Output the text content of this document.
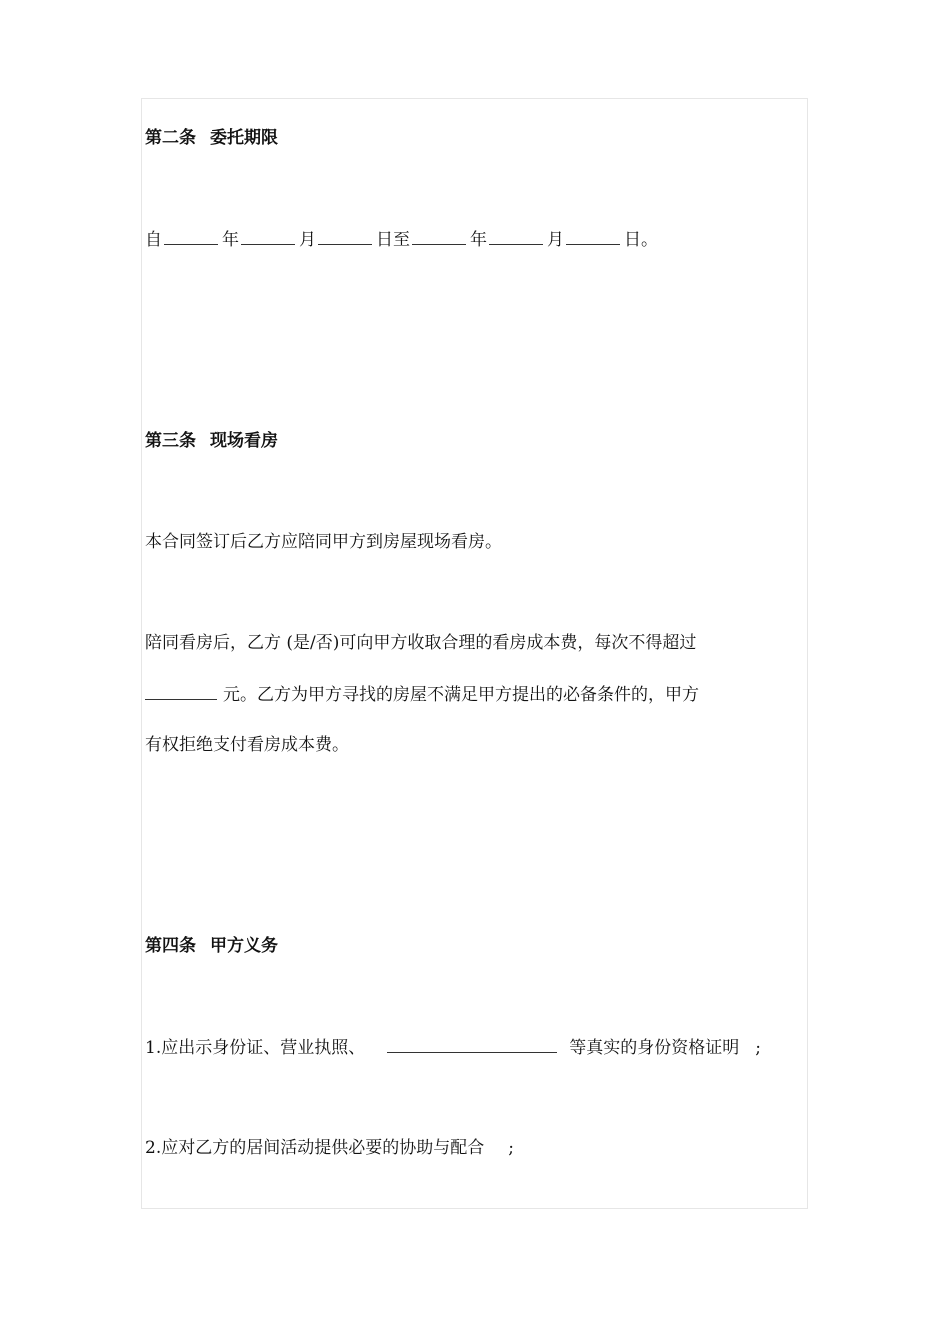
第二条 委托期限
自	年	月	日至	年	月	日。
第三条 现场看房
本合同签订后乙方应陪同甲方到房屋现场看房。
陪同看房后，乙方 (是/否)可向甲方收取合理的看房成本费，每次不得超过
元。乙方为甲方寻找的房屋不满足甲方提出的必备条件的，甲方
有权拒绝支付看房成本费。
第四条 甲方义务
1.应出示身份证、营业执照、	等真实的身份资格证明 ;
2.应对乙方的居间活动提供必要的协助与配合 ;
